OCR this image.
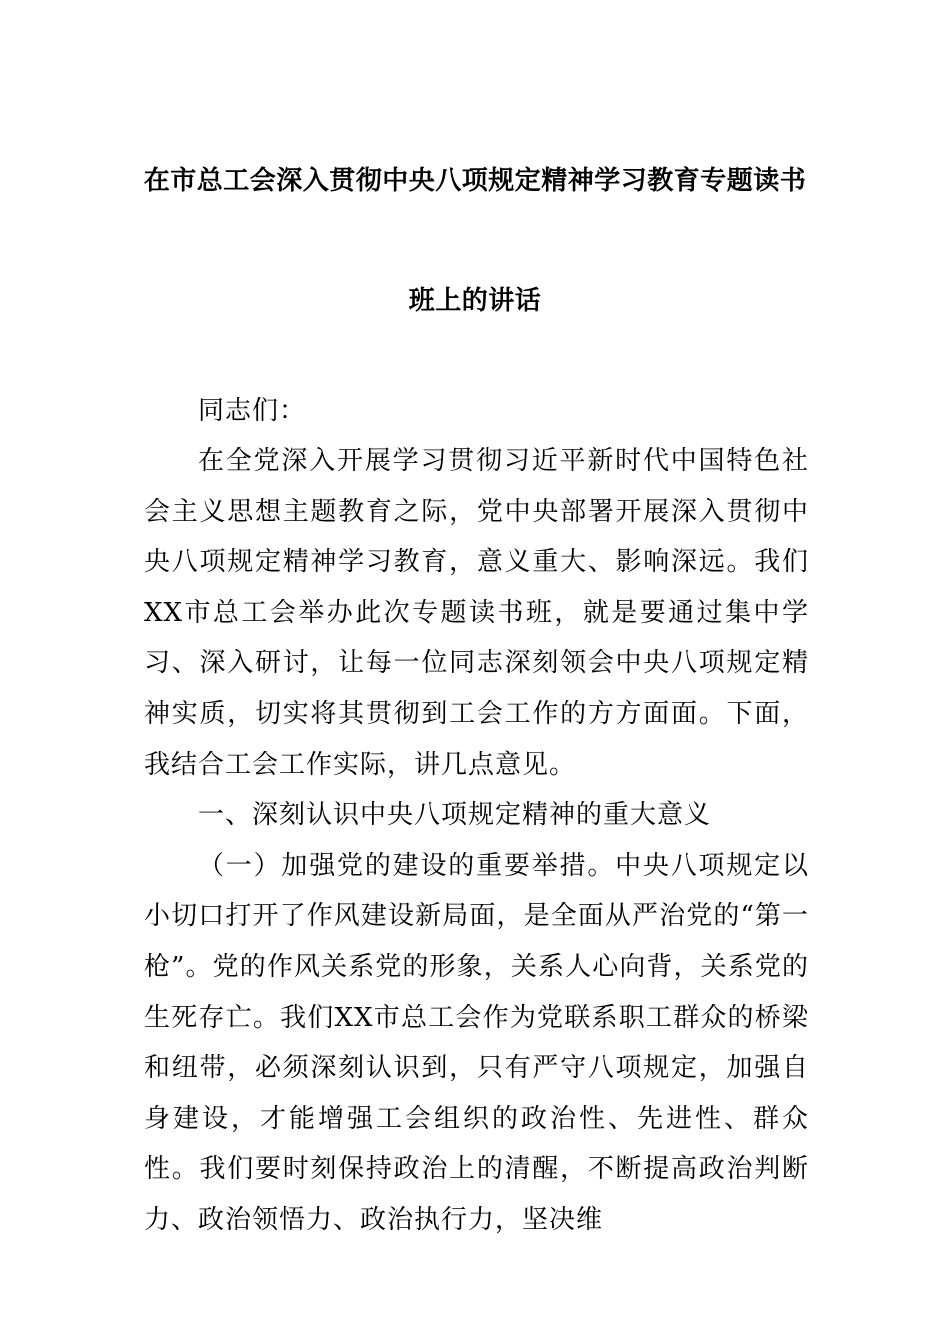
在市总工会深入贯彻中央八项规定精神学习教育专题读书
班上的讲话

同志们：

在全党深入开展学习贯彻习近平新时代中国特色社会主义思想主题教育之际，党中央部署开展深入贯彻中央八项规定精神学习教育，意义重大、影响深远。我们XX市总工会举办此次专题读书班，就是要通过集中学习、深入研讨，让每一位同志深刻领会中央八项规定精神实质，切实将其贯彻到工会工作的方方面面。下面，我结合工会工作实际，讲几点意见。

一、深刻认识中央八项规定精神的重大意义

（一）加强党的建设的重要举措。中央八项规定以小切口打开了作风建设新局面，是全面从严治党的“第一枪”。党的作风关系党的形象，关系人心向背，关系党的生死存亡。我们XX市总工会作为党联系职工群众的桥梁和纽带，必须深刻认识到，只有严守八项规定，加强自身建设，才能增强工会组织的政治性、先进性、群众性。我们要时刻保持政治上的清醒，不断提高政治判断力、政治领悟力、政治执行力，坚决维
